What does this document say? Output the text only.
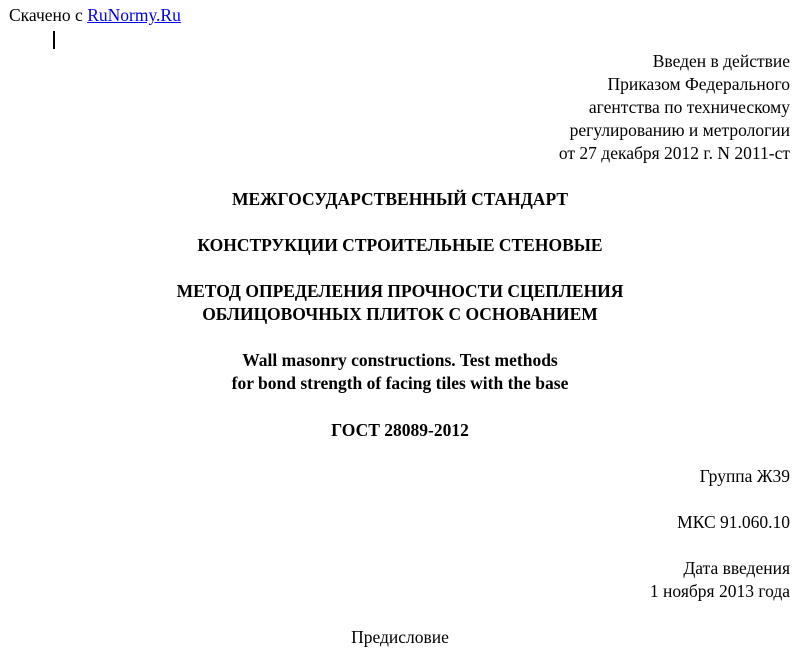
Скачено с RuNormy.Ru
Введен в действие
Приказом Федерального
агентства по техническому
регулированию и метрологии
от 27 декабря 2012 г. N 2011-ст
МЕЖГОСУДАРСТВЕННЫЙ СТАНДАРТ
КОНСТРУКЦИИ СТРОИТЕЛЬНЫЕ СТЕНОВЫЕ
МЕТОД ОПРЕДЕЛЕНИЯ ПРОЧНОСТИ СЦЕПЛЕНИЯ
ОБЛИЦОВОЧНЫХ ПЛИТОК С ОСНОВАНИЕМ
Wall masonry constructions. Test methods
for bond strength of facing tiles with the base
ГОСТ 28089-2012
Группа Ж39
МКС 91.060.10
Дата введения
1 ноября 2013 года
Предисловие
